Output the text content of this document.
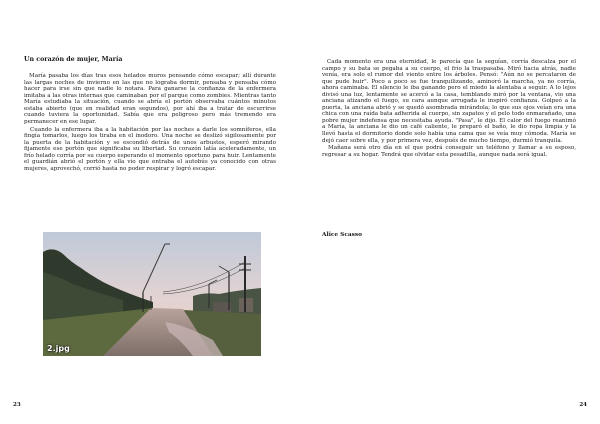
Un corazón de mujer, María

María pasaba los días tras esos helados muros pensando cómo escapar; allí durante las largas noches de invierno en las que no lograba dormir, pensaba y pensaba cómo hacer para irse sin que nadie lo notara. Para ganarse la confianza de la enfermera imitaba a las otras internas que caminaban por el parque como zombies. Mientras tanto María estudiaba la situación, cuando se abría el portón observaba cuántos minutos estaba abierto (que en realidad eran segundos), por ahí iba a tratar de escurrirse cuando tuviera la oportunidad. Sabía que era peligroso pero más tremendo era permanecer en ese lugar.

Cuando la enfermera iba a la habitación por las noches a darle los somníferos, ella fingía tomarlos, luego los tiraba en el inodoro. Una noche se deslizó sigilosamente por la puerta de la habitación y se escondió detrás de unos arbustos, esperó mirando fijamente ese portón que significaba su libertad. Su corazón latía aceleradamente, un frío helado corría por su cuerpo esperando el momento oportuno para huir. Lentamente el guardián abrió el portón y ella vio que entraba el autobús ya conocido con otras mujeres, aprovechó, corrió hasta no poder respirar y logró escapar.

2.jpg
23

Cada momento era una eternidad, le parecía que la seguían, corría descalza por el campo y su bata se pegaba a su cuerpo, el frío la traspasaba. Miró hacia atrás, nadie venía, era solo el rumor del viento entre los árboles. Pensó: "Aún no se percataron de que pude huir". Poco a poco se fue tranquilizando, aminoró la marcha, ya no corría, ahora caminaba. El silencio le iba ganando pero el miedo la alentaba a seguir. A lo lejos divisó una luz, lentamente se acercó a la casa, temblando miró por la ventana, vio una anciana atizando el fuego, su cara aunque arrugada le inspiró confianza. Golpeó a la puerta, la anciana abrió y se quedó asombrada mirándola; lo que sus ojos veían era una chica con una raída bata adherida al cuerpo, sin zapatos y el pelo todo enmarañado, una pobre mujer indefensa que necesitaba ayuda. "Pasa", le dijo. El calor del fuego reanimó a María, la anciana le dio un café caliente, le preparó el baño, le dio ropa limpia y la llevó hasta el dormitorio donde solo había una cama que se veía muy cómoda. María se dejó caer sobre ella, y por primera vez, después de mucho tiempo, durmió tranquila.

Mañana será otro día en el que podrá conseguir un teléfono y llamar a su esposo, regresar a su hogar. Tendrá que olvidar esta pesadilla, aunque nada será igual.

Alice Scasso
24
